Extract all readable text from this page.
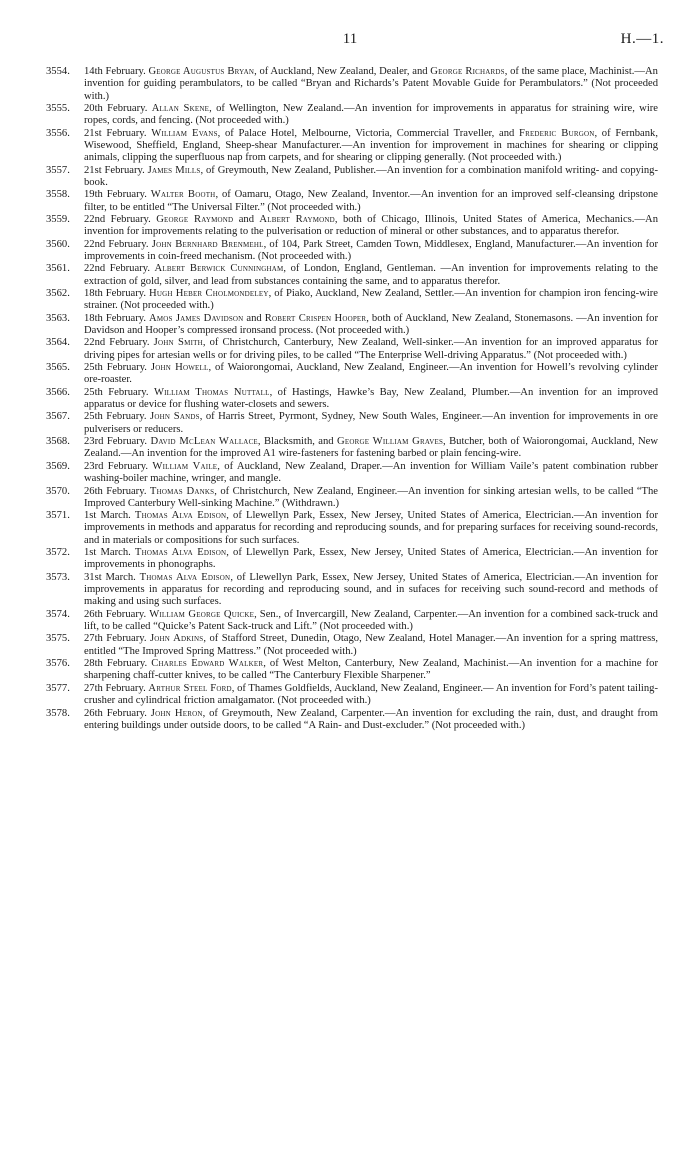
11	H.—1.
3554. 14th February. George Augustus Bryan, of Auckland, New Zealand, Dealer, and George Richards, of the same place, Machinist.—An invention for guiding perambulators, to be called “Bryan and Richards’s Patent Movable Guide for Perambulators.” (Not proceeded with.)
3555. 20th February. Allan Skene, of Wellington, New Zealand.—An invention for improvements in apparatus for straining wire, wire ropes, cords, and fencing. (Not proceeded with.)
3556. 21st February. William Evans, of Palace Hotel, Melbourne, Victoria, Commercial Traveller, and Frederic Burgon, of Fernbank, Wisewood, Sheffield, England, Sheep-shear Manufacturer.—An invention for improvement in machines for shearing or clipping animals, clipping the superfluous nap from carpets, and for shearing or clipping generally. (Not proceeded with.)
3557. 21st February. James Mills, of Greymouth, New Zealand, Publisher.—An invention for a combination manifold writing- and copying-book.
3558. 19th February. Walter Booth, of Oamaru, Otago, New Zealand, Inventor.—An invention for an improved self-cleansing dripstone filter, to be entitled “The Universal Filter.” (Not proceeded with.)
3559. 22nd February. George Raymond and Albert Raymond, both of Chicago, Illinois, United States of America, Mechanics.—An invention for improvements relating to the pulverisation or reduction of mineral or other substances, and to apparatus therefor.
3560. 22nd February. John Bernhard Brenmehl, of 104, Park Street, Camden Town, Middlesex, England, Manufacturer.—An invention for improvements in coin-freed mechanism. (Not proceeded with.)
3561. 22nd February. Albert Berwick Cunningham, of London, England, Gentleman. —An invention for improvements relating to the extraction of gold, silver, and lead from substances containing the same, and to apparatus therefor.
3562. 18th February. Hugh Heber Cholmondeley, of Piako, Auckland, New Zealand, Settler.—An invention for champion iron fencing-wire strainer. (Not proceeded with.)
3563. 18th February. Amos James Davidson and Robert Crispen Hooper, both of Auckland, New Zealand, Stonemasons. —An invention for Davidson and Hooper’s compressed ironsand process. (Not proceeded with.)
3564. 22nd February. John Smith, of Christchurch, Canterbury, New Zealand, Well-sinker.—An invention for an improved apparatus for driving pipes for artesian wells or for driving piles, to be called “The Enterprise Well-driving Apparatus.” (Not proceeded with.)
3565. 25th February. John Howell, of Waiorongomai, Auckland, New Zealand, Engineer.—An invention for Howell’s revolving cylinder ore-roaster.
3566. 25th February. William Thomas Nuttall, of Hastings, Hawke’s Bay, New Zealand, Plumber.—An invention for an improved apparatus or device for flushing water-closets and sewers.
3567. 25th February. John Sands, of Harris Street, Pyrmont, Sydney, New South Wales, Engineer.—An invention for improvements in ore pulverisers or reducers.
3568. 23rd February. David McLean Wallace, Blacksmith, and George William Graves, Butcher, both of Waiorongomai, Auckland, New Zealand.—An invention for the improved A1 wire-fasteners for fastening barbed or plain fencing-wire.
3569. 23rd February. William Vaile, of Auckland, New Zealand, Draper.—An invention for William Vaile’s patent combination rubber washing-boiler machine, wringer, and mangle.
3570. 26th February. Thomas Danks, of Christchurch, New Zealand, Engineer.—An invention for sinking artesian wells, to be called “The Improved Canterbury Well-sinking Machine.” (Withdrawn.)
3571. 1st March. Thomas Alva Edison, of Llewellyn Park, Essex, New Jersey, United States of America, Electrician.—An invention for improvements in methods and apparatus for recording and reproducing sounds, and for preparing surfaces for receiving sound-records, and in materials or compositions for such surfaces.
3572. 1st March. Thomas Alva Edison, of Llewellyn Park, Essex, New Jersey, United States of America, Electrician.—An invention for improvements in phonographs.
3573. 31st March. Thomas Alva Edison, of Llewellyn Park, Essex, New Jersey, United States of America, Electrician.—An invention for improvements in apparatus for recording and reproducing sound, and in sufaces for receiving such sound-record and methods of making and using such surfaces.
3574. 26th February. William George Quicke, Sen., of Invercargill, New Zealand, Carpenter.—An invention for a combined sack-truck and lift, to be called “Quicke’s Patent Sack-truck and Lift.” (Not proceeded with.)
3575. 27th February. John Adkins, of Stafford Street, Dunedin, Otago, New Zealand, Hotel Manager.—An invention for a spring mattress, entitled “The Improved Spring Mattress.” (Not proceeded with.)
3576. 28th February. Charles Edward Walker, of West Melton, Canterbury, New Zealand, Machinist.—An invention for a machine for sharpening chaff-cutter knives, to be called “The Canterbury Flexible Sharpener.”
3577. 27th February. Arthur Steel Ford, of Thames Goldfields, Auckland, New Zealand, Engineer.— An invention for Ford’s patent tailing-crusher and cylindrical friction amalgamator. (Not proceeded with.)
3578. 26th February. John Heron, of Greymouth, New Zealand, Carpenter.—An invention for excluding the rain, dust, and draught from entering buildings under outside doors, to be called “A Rain- and Dust-excluder.” (Not proceeded with.)
